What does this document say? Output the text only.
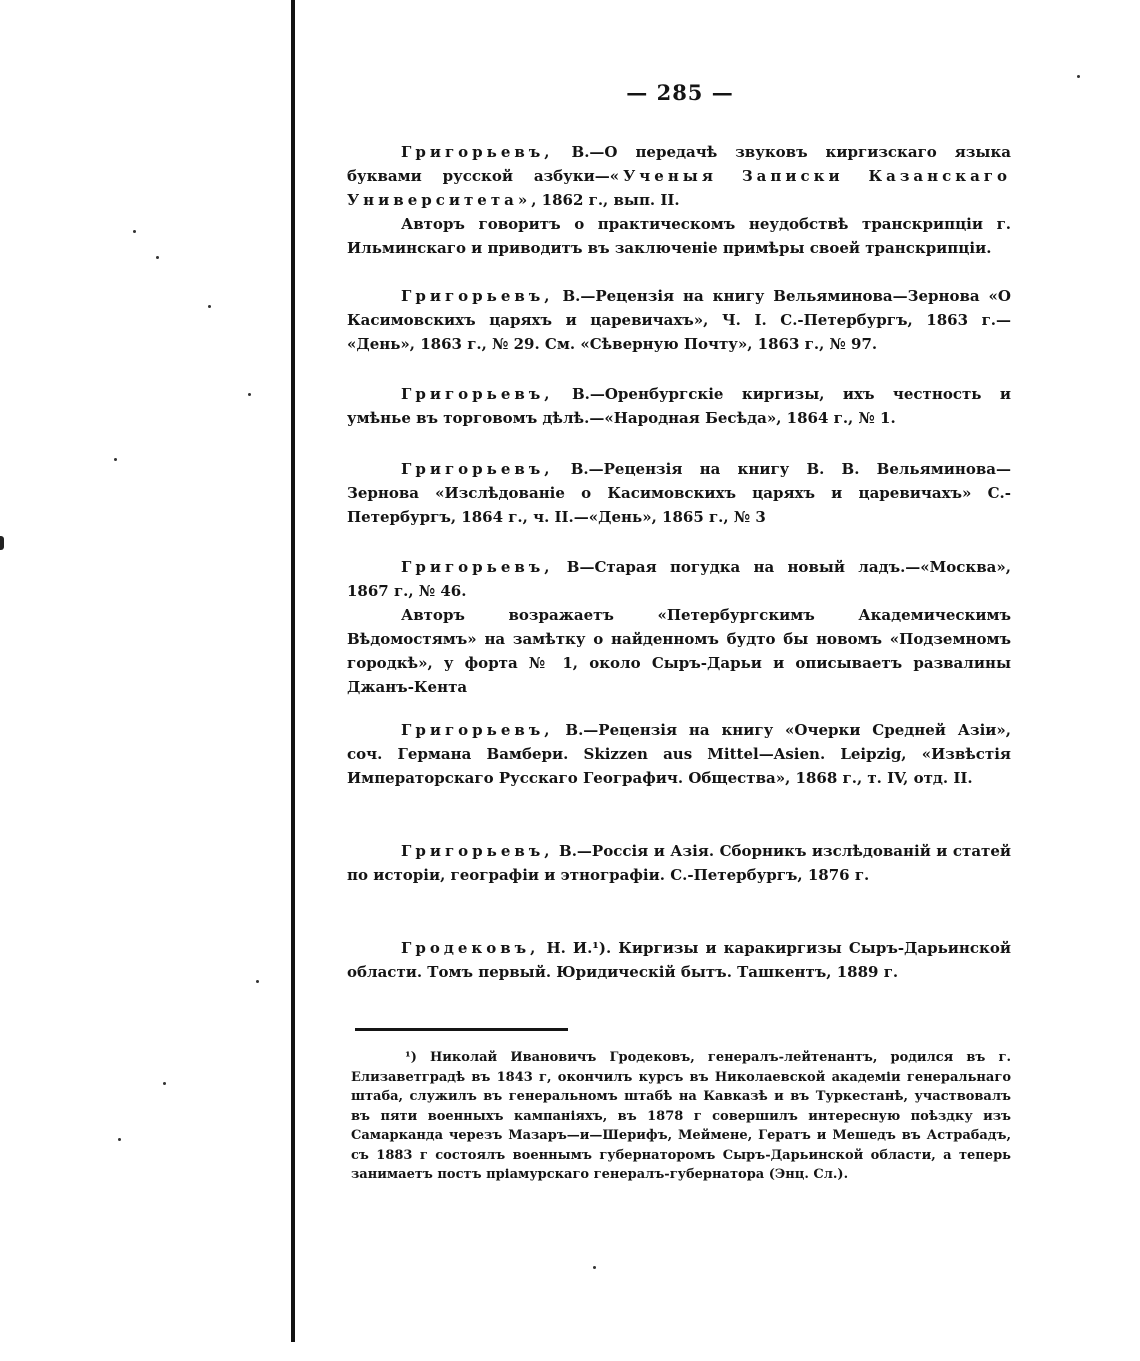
— 285 —

Григорьевъ, В.—О передачѣ звуковъ киргизскаго языка буквами русской азбуки—«Ученыя Записки Казанскаго Университета», 1862 г., вып. II.

Авторъ говоритъ о практическомъ неудобствѣ транскрипціи г. Ильминскаго и приводитъ въ заключеніе примѣры своей транскрипціи.

Григорьевъ, В.—Рецензія на книгу Вельяминова—Зернова «О Касимовскихъ царяхъ и царевичахъ», Ч. I. С.-Петербургъ, 1863 г.— «День», 1863 г., № 29. См. «Сѣверную Почту», 1863 г., № 97.

Григорьевъ, В.—Оренбургскіе киргизы, ихъ честность и умѣнье въ торговомъ дѣлѣ.—«Народная Бесѣда», 1864 г., № 1.

Григорьевъ, В.—Рецензія на книгу В. В. Вельяминова—Зернова «Изслѣдованіе о Касимовскихъ царяхъ и царевичахъ» С.-Петербургъ, 1864 г., ч. II.—«День», 1865 г., № 3

Григорьевъ, В—Старая погудка на новый ладъ.—«Москва», 1867 г., № 46.

Авторъ возражаетъ «Петербургскимъ Академическимъ Вѣдомостямъ» на замѣтку о найденномъ будто бы новомъ «Подземномъ городкѣ», у форта № 1, около Сыръ-Дарьи и описываетъ развалины Джанъ-Кента

Григорьевъ, В.—Рецензія на книгу «Очерки Средней Азіи», соч. Германа Вамбери. Skizzen aus Mittel—Asien. Leipzig, «Извѣстія Императорскаго Русскаго Географич. Общества», 1868 г., т. IV, отд. II.

Григорьевъ, В.—Россія и Азія. Сборникъ изслѣдованій и статей по исторіи, географіи и этнографіи. С.-Петербургъ, 1876 г.

Гродековъ, Н. И.¹). Киргизы и каракиргизы Сыръ-Дарьинской области. Томъ первый. Юридическій бытъ. Ташкентъ, 1889 г.

¹) Николай Ивановичъ Гродековъ, генералъ-лейтенантъ, родился въ г. Елизаветградѣ въ 1843 г, окончилъ курсъ въ Николаевской академіи генеральнаго штаба, служилъ въ генеральномъ штабѣ на Кавказѣ и въ Туркестанѣ, участвовалъ въ пяти военныхъ кампаніяхъ, въ 1878 г совершилъ интересную поѣздку изъ Самарканда черезъ Мазаръ—и—Шерифъ, Меймене, Гератъ и Мешедъ въ Астрабадъ, съ 1883 г состоялъ военнымъ губернаторомъ Сыръ-Дарьинской области, а теперь занимаетъ постъ пріамурскаго генералъ-губернатора (Энц. Сл.).
